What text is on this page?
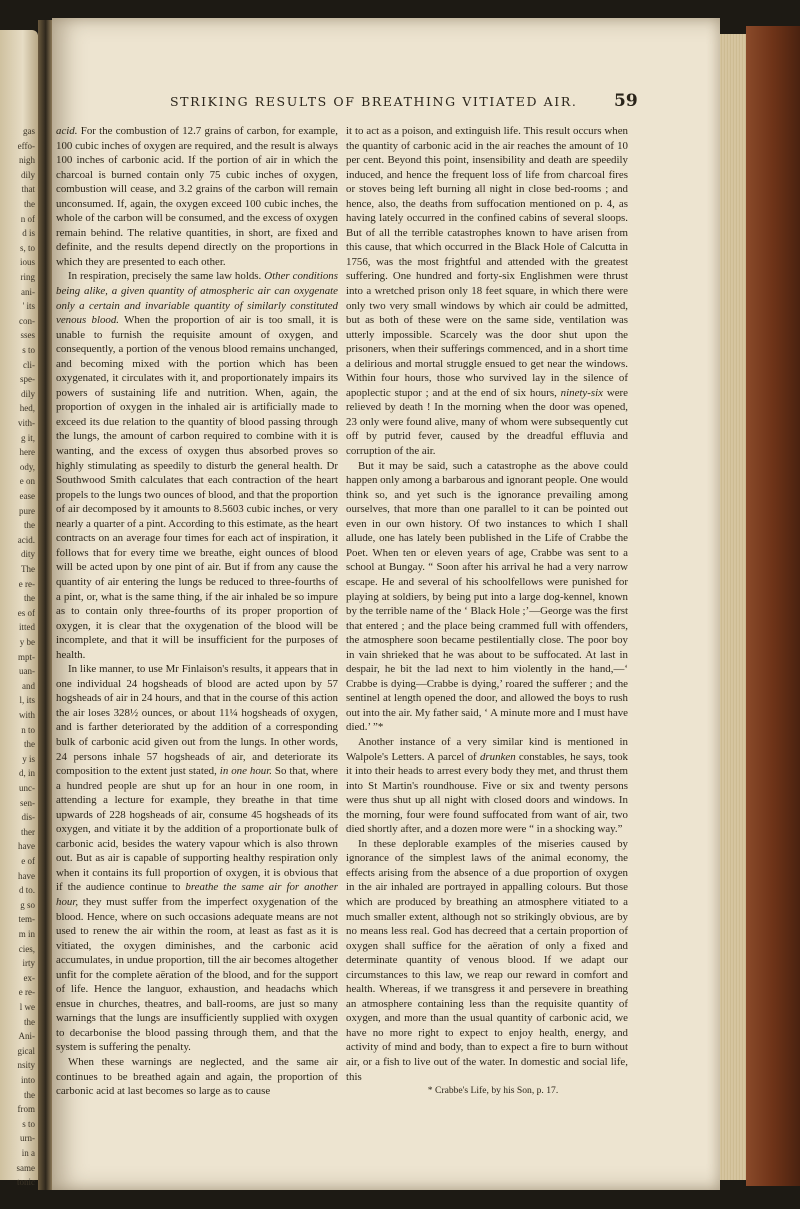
gas
effo-
nigh
dily
that
the
n of
d is
s, to
ious
ring
ani-
' its
con-
sses
s to
cli-
spe-
dily
hed,
vith-
g it,
here
ody,
e on
ease
pure
the
acid.
dity
The
e re-
the
es of
itted
y be
mpt-
uan-
and
l, its
with
n to
the
y is
d, in
unc-
sen-
dis-
ther
have
e of
have
d to.
g so
tem-
m in
cies,
irty
ex-
e re-
l we
the
Ani-
gical
nsity
into
the
from
s to
urn-
in a
same
tonic
STRIKING RESULTS OF BREATHING VITIATED AIR. 59

acid. For the combustion of 12.7 grains of carbon, for example, 100 cubic inches of oxygen are required, and the result is always 100 inches of carbonic acid. If the portion of air in which the charcoal is burned contain only 75 cubic inches of oxygen, combustion will cease, and 3.2 grains of the carbon will remain unconsumed. If, again, the oxygen exceed 100 cubic inches, the whole of the carbon will be consumed, and the excess of oxygen remain behind. The relative quantities, in short, are fixed and definite, and the results depend directly on the proportions in which they are presented to each other.

In respiration, precisely the same law holds. Other conditions being alike, a given quantity of atmospheric air can oxygenate only a certain and invariable quantity of similarly constituted venous blood. When the proportion of air is too small, it is unable to furnish the requisite amount of oxygen, and consequently, a portion of the venous blood remains unchanged, and becoming mixed with the portion which has been oxygenated, it circulates with it, and proportionately impairs its powers of sustaining life and nutrition. When, again, the proportion of oxygen in the inhaled air is artificially made to exceed its due relation to the quantity of blood passing through the lungs, the amount of carbon required to combine with it is wanting, and the excess of oxygen thus absorbed proves so highly stimulating as speedily to disturb the general health. Dr Southwood Smith calculates that each contraction of the heart propels to the lungs two ounces of blood, and that the proportion of air decomposed by it amounts to 8.5603 cubic inches, or very nearly a quarter of a pint. According to this estimate, as the heart contracts on an average four times for each act of inspiration, it follows that for every time we breathe, eight ounces of blood will be acted upon by one pint of air. But if from any cause the quantity of air entering the lungs be reduced to three-fourths of a pint, or, what is the same thing, if the air inhaled be so impure as to contain only three-fourths of its proper proportion of oxygen, it is clear that the oxygenation of the blood will be incomplete, and that it will be insufficient for the purposes of health.

In like manner, to use Mr Finlaison's results, it appears that in one individual 24 hogsheads of blood are acted upon by 57 hogsheads of air in 24 hours, and that in the course of this action the air loses 328½ ounces, or about 11¼ hogsheads of oxygen, and is farther deteriorated by the addition of a corresponding bulk of carbonic acid given out from the lungs. In other words, 24 persons inhale 57 hogsheads of air, and deteriorate its composition to the extent just stated, in one hour. So that, where a hundred people are shut up for an hour in one room, in attending a lecture for example, they breathe in that time upwards of 228 hogsheads of air, consume 45 hogsheads of its oxygen, and vitiate it by the addition of a proportionate bulk of carbonic acid, besides the watery vapour which is also thrown out. But as air is capable of supporting healthy respiration only when it contains its full proportion of oxygen, it is obvious that if the audience continue to breathe the same air for another hour, they must suffer from the imperfect oxygenation of the blood. Hence, where on such occasions adequate means are not used to renew the air within the room, at least as fast as it is vitiated, the oxygen diminishes, and the carbonic acid accumulates, in undue proportion, till the air becomes altogether unfit for the complete aëration of the blood, and for the support of life. Hence the languor, exhaustion, and headachs which ensue in churches, theatres, and ball-rooms, are just so many warnings that the lungs are insufficiently supplied with oxygen to decarbonise the blood passing through them, and that the system is suffering the penalty.

When these warnings are neglected, and the same air continues to be breathed again and again, the proportion of carbonic acid at last becomes so large as to cause

it to act as a poison, and extinguish life. This result occurs when the quantity of carbonic acid in the air reaches the amount of 10 per cent. Beyond this point, insensibility and death are speedily induced, and hence the frequent loss of life from charcoal fires or stoves being left burning all night in close bed-rooms ; and hence, also, the deaths from suffocation mentioned on p. 4, as having lately occurred in the confined cabins of several sloops. But of all the terrible catastrophes known to have arisen from this cause, that which occurred in the Black Hole of Calcutta in 1756, was the most frightful and attended with the greatest suffering. One hundred and forty-six Englishmen were thrust into a wretched prison only 18 feet square, in which there were only two very small windows by which air could be admitted, but as both of these were on the same side, ventilation was utterly impossible. Scarcely was the door shut upon the prisoners, when their sufferings commenced, and in a short time a delirious and mortal struggle ensued to get near the windows. Within four hours, those who survived lay in the silence of apoplectic stupor ; and at the end of six hours, ninety-six were relieved by death ! In the morning when the door was opened, 23 only were found alive, many of whom were subsequently cut off by putrid fever, caused by the dreadful effluvia and corruption of the air.

But it may be said, such a catastrophe as the above could happen only among a barbarous and ignorant people. One would think so, and yet such is the ignorance prevailing among ourselves, that more than one parallel to it can be pointed out even in our own history. Of two instances to which I shall allude, one has lately been published in the Life of Crabbe the Poet. When ten or eleven years of age, Crabbe was sent to a school at Bungay. “ Soon after his arrival he had a very narrow escape. He and several of his schoolfellows were punished for playing at soldiers, by being put into a large dog-kennel, known by the terrible name of the ‘ Black Hole ;’—George was the first that entered ; and the place being crammed full with offenders, the atmosphere soon became pestilentially close. The poor boy in vain shrieked that he was about to be suffocated. At last in despair, he bit the lad next to him violently in the hand,—‘ Crabbe is dying—Crabbe is dying,’ roared the sufferer ; and the sentinel at length opened the door, and allowed the boys to rush out into the air. My father said, ‘ A minute more and I must have died.’ ”*

Another instance of a very similar kind is mentioned in Walpole's Letters. A parcel of drunken constables, he says, took it into their heads to arrest every body they met, and thrust them into St Martin's roundhouse. Five or six and twenty persons were thus shut up all night with closed doors and windows. In the morning, four were found suffocated from want of air, two died shortly after, and a dozen more were “ in a shocking way.”

In these deplorable examples of the miseries caused by ignorance of the simplest laws of the animal economy, the effects arising from the absence of a due proportion of oxygen in the air inhaled are portrayed in appalling colours. But those which are produced by breathing an atmosphere vitiated to a much smaller extent, although not so strikingly obvious, are by no means less real. God has decreed that a certain proportion of oxygen shall suffice for the aëration of only a fixed and determinate quantity of venous blood. If we adapt our circumstances to this law, we reap our reward in comfort and health. Whereas, if we transgress it and persevere in breathing an atmosphere containing less than the requisite quantity of oxygen, and more than the usual quantity of carbonic acid, we have no more right to expect to enjoy health, energy, and activity of mind and body, than to expect a fire to burn without air, or a fish to live out of the water. In domestic and social life, this

* Crabbe's Life, by his Son, p. 17.
